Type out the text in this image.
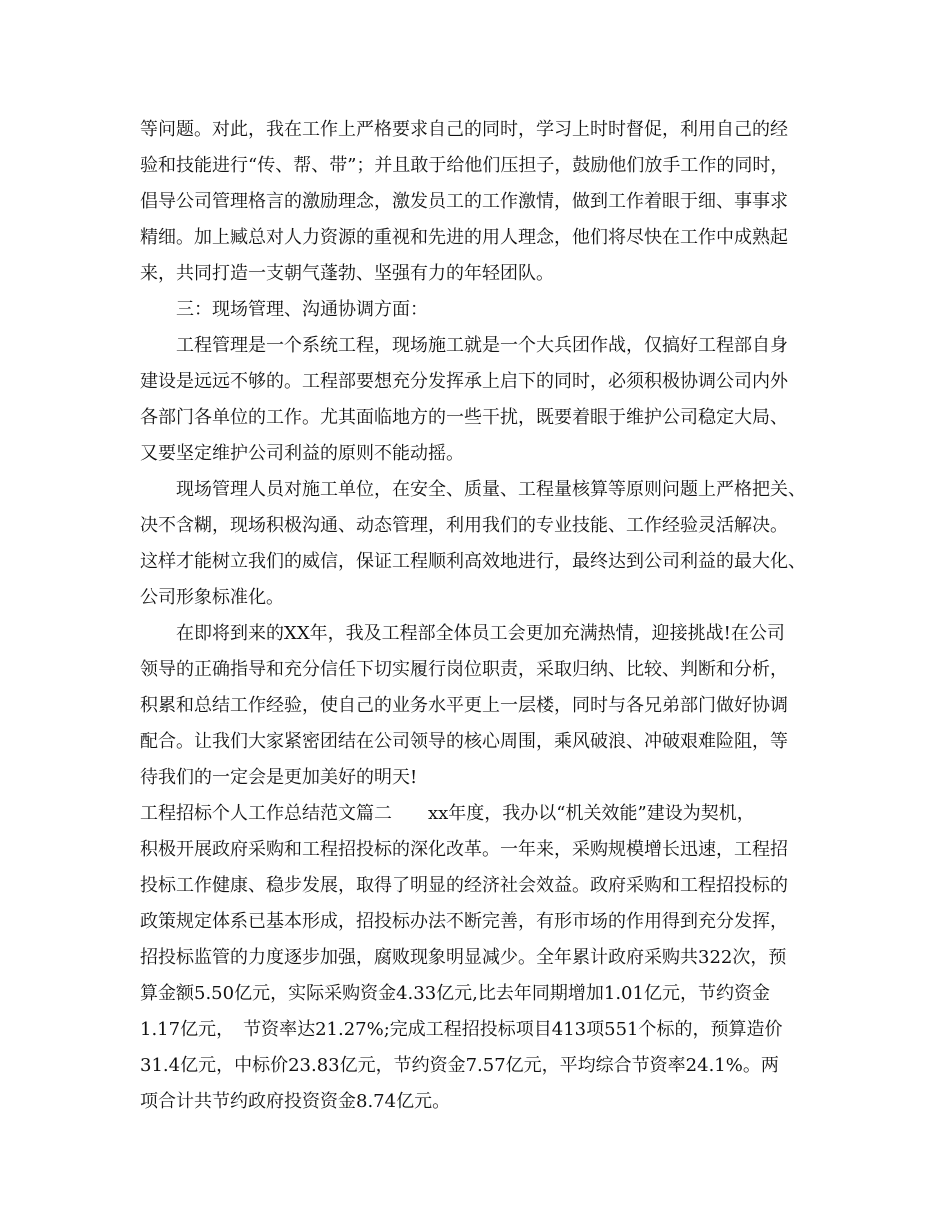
等问题。对此，我在工作上严格要求自己的同时，学习上时时督促，利用自己的经
验和技能进行“传、帮、带”；并且敢于给他们压担子，鼓励他们放手工作的同时，
倡导公司管理格言的激励理念，激发员工的工作激情，做到工作着眼于细、事事求
精细。加上臧总对人力资源的重视和先进的用人理念，他们将尽快在工作中成熟起
来，共同打造一支朝气蓬勃、坚强有力的年轻团队。
三：现场管理、沟通协调方面：
工程管理是一个系统工程，现场施工就是一个大兵团作战，仅搞好工程部自身
建设是远远不够的。工程部要想充分发挥承上启下的同时，必须积极协调公司内外
各部门各单位的工作。尤其面临地方的一些干扰，既要着眼于维护公司稳定大局、
又要坚定维护公司利益的原则不能动摇。
现场管理人员对施工单位，在安全、质量、工程量核算等原则问题上严格把关、
决不含糊，现场积极沟通、动态管理，利用我们的专业技能、工作经验灵活解决。
这样才能树立我们的威信，保证工程顺利高效地进行，最终达到公司利益的最大化、
公司形象标准化。
在即将到来的XX年，我及工程部全体员工会更加充满热情，迎接挑战!在公司
领导的正确指导和充分信任下切实履行岗位职责，采取归纳、比较、判断和分析，
积累和总结工作经验，使自己的业务水平更上一层楼，同时与各兄弟部门做好协调
配合。让我们大家紧密团结在公司领导的核心周围，乘风破浪、冲破艰难险阻，等
待我们的一定会是更加美好的明天!
工程招标个人工作总结范文篇二　　xx年度，我办以“机关效能”建设为契机，
积极开展政府采购和工程招投标的深化改革。一年来，采购规模增长迅速，工程招
投标工作健康、稳步发展，取得了明显的经济社会效益。政府采购和工程招投标的
政策规定体系已基本形成，招投标办法不断完善，有形市场的作用得到充分发挥，
招投标监管的力度逐步加强，腐败现象明显减少。全年累计政府采购共322次，预
算金额5.50亿元，实际采购资金4.33亿元,比去年同期增加1.01亿元，节约资金
1.17亿元，　节资率达21.27%;完成工程招投标项目413项551个标的，预算造价
31.4亿元，中标价23.83亿元，节约资金7.57亿元，平均综合节资率24.1%。两
项合计共节约政府投资资金8.74亿元。
